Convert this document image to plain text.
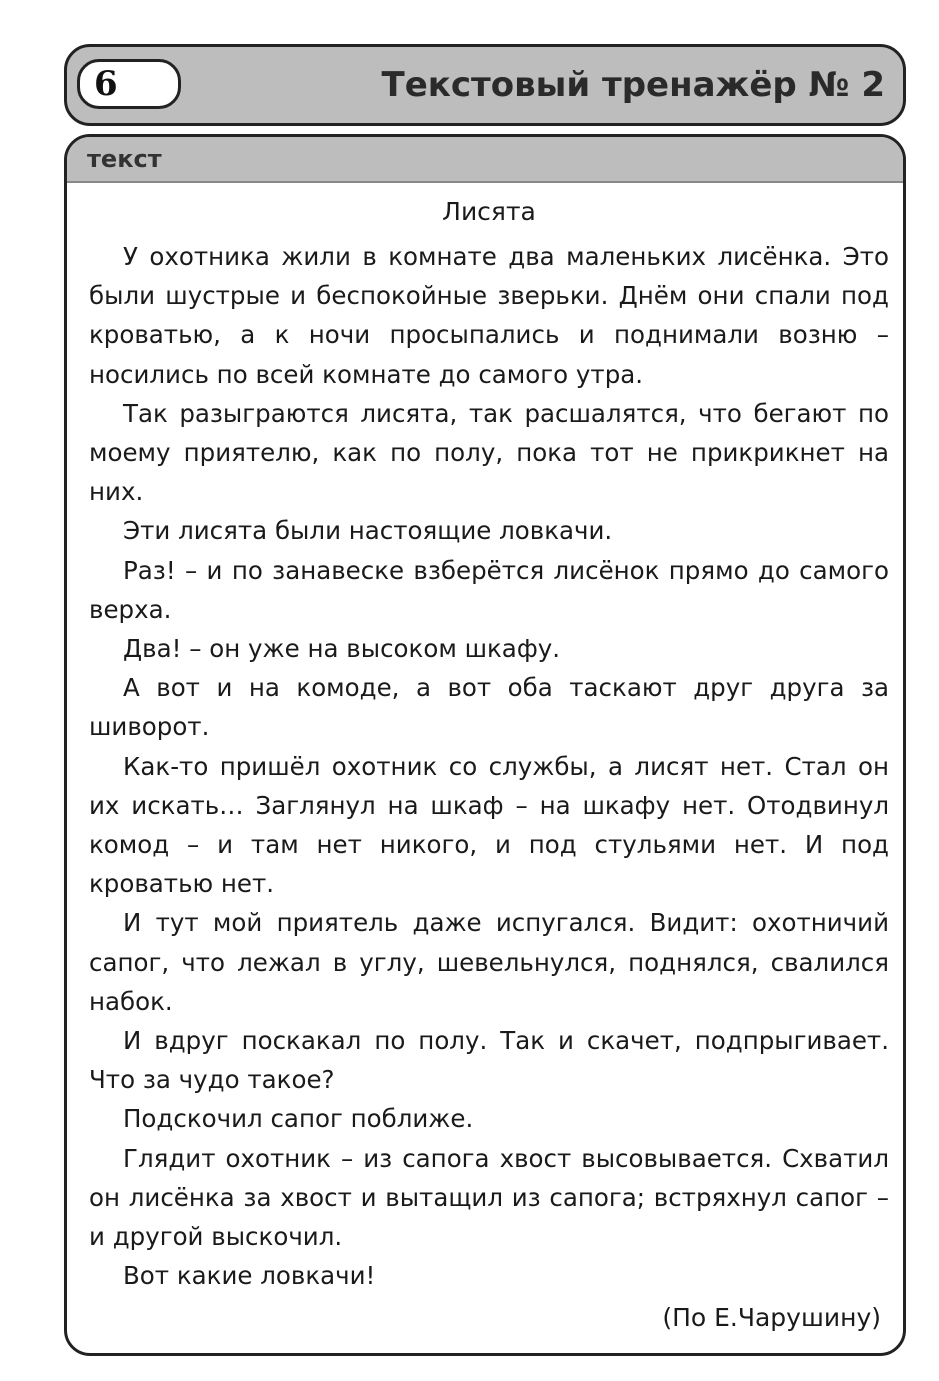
6	Текстовый тренажёр № 2
текст

Лисята

У охотника жили в комнате два маленьких лисёнка. Это были шустрые и беспокойные зверьки. Днём они спали под кроватью, а к ночи просыпались и поднимали возню – носились по всей комнате до самого утра.

Так разыграются лисята, так расшалятся, что бегают по моему приятелю, как по полу, пока тот не прикрикнет на них.

Эти лисята были настоящие ловкачи.

Раз! – и по занавеске взберётся лисёнок прямо до самого верха.

Два! – он уже на высоком шкафу.

А вот и на комоде, а вот оба таскают друг друга за шиворот.

Как-то пришёл охотник со службы, а лисят нет. Стал он их искать… Заглянул на шкаф – на шкафу нет. Отодвинул комод – и там нет никого, и под стульями нет. И под кроватью нет.

И тут мой приятель даже испугался. Видит: охотничий сапог, что лежал в углу, шевельнулся, поднялся, свалился набок.

И вдруг поскакал по полу. Так и скачет, подпрыгивает. Что за чудо такое?

Подскочил сапог поближе.

Глядит охотник – из сапога хвост высовывается. Схватил он лисёнка за хвост и вытащил из сапога; встряхнул сапог – и другой выскочил.

Вот какие ловкачи!

(По Е.Чарушину)
